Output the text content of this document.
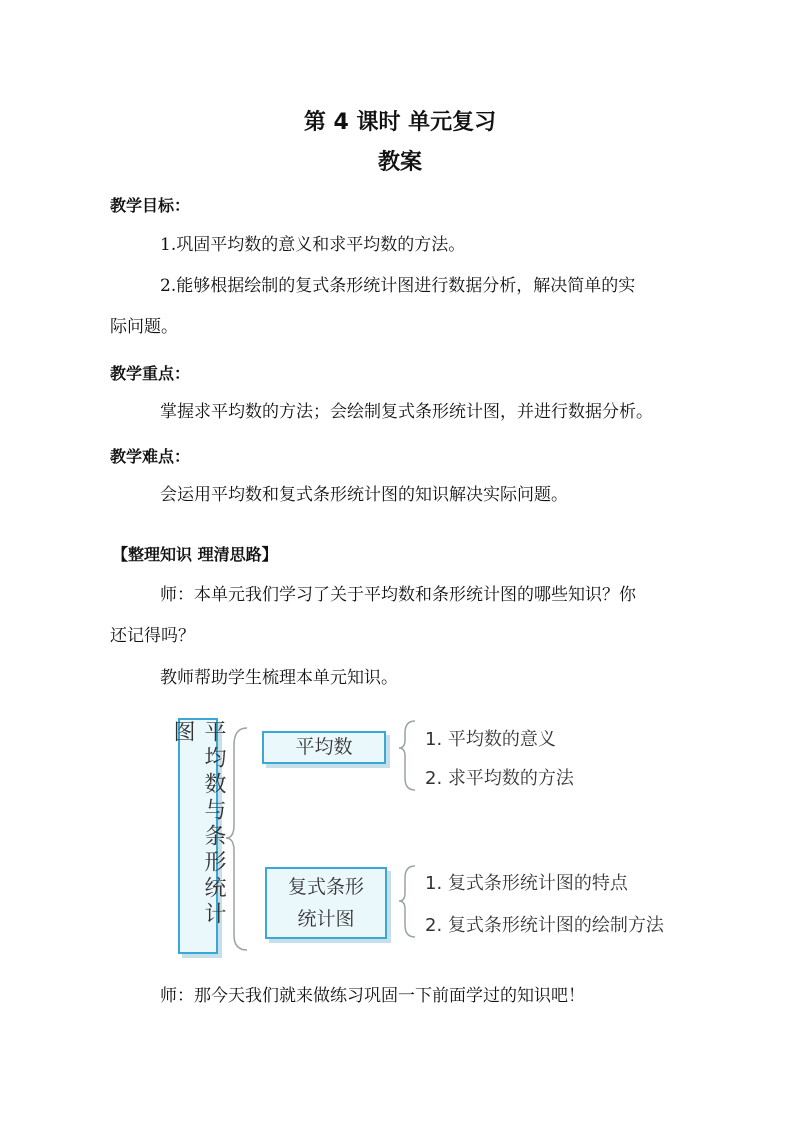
第 4 课时 单元复习
教案
教学目标：
1.巩固平均数的意义和求平均数的方法。
2.能够根据绘制的复式条形统计图进行数据分析，解决简单的实
际问题。
教学重点：
掌握求平均数的方法；会绘制复式条形统计图，并进行数据分析。
教学难点：
会运用平均数和复式条形统计图的知识解决实际问题。
【整理知识 理清思路】
师：本单元我们学习了关于平均数和条形统计图的哪些知识？你
还记得吗？
教师帮助学生梳理本单元知识。
平均数与条形统计图
平均数	1. 平均数的意义
2. 求平均数的方法
复式条形
统计图
1. 复式条形统计图的特点
2. 复式条形统计图的绘制方法
师：那今天我们就来做练习巩固一下前面学过的知识吧！
